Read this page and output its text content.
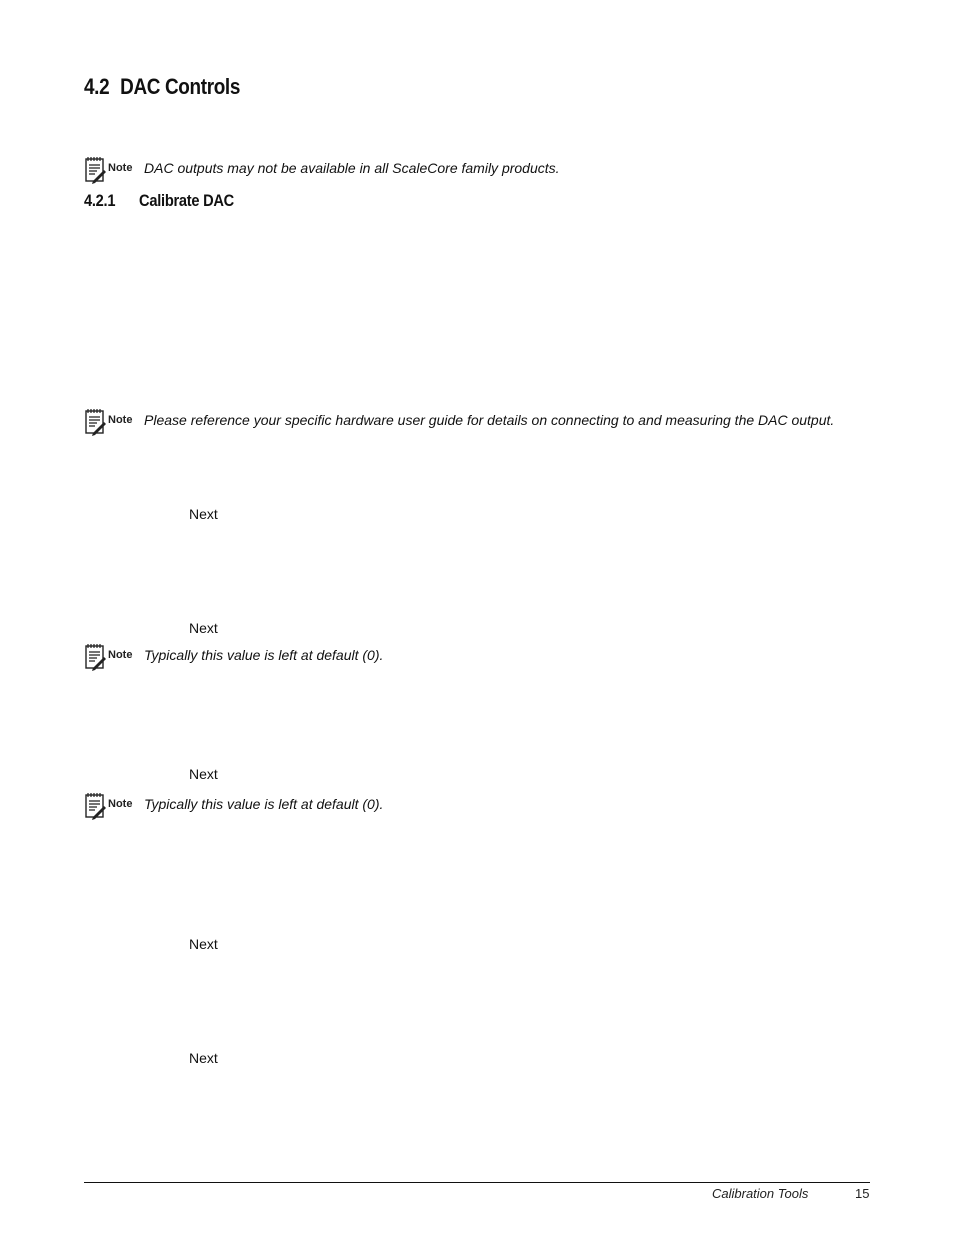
4.2 DAC Controls
Note DAC outputs may not be available in all ScaleCore family products.
4.2.1 Calibrate DAC
Note Please reference your specific hardware user guide for details on connecting to and measuring the DAC output.
Next
Next
Note Typically this value is left at default (0).
Next
Note Typically this value is left at default (0).
Next
Next
Calibration Tools	15
